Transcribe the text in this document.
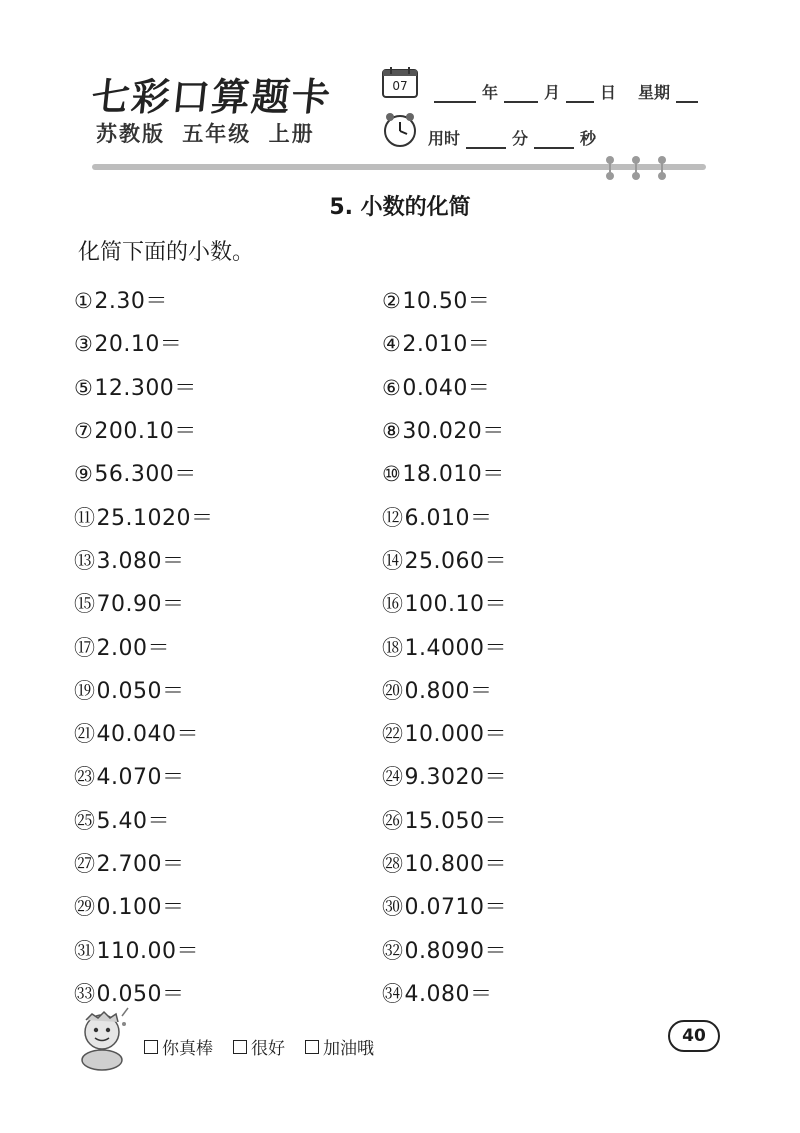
七彩口算题卡
苏教版 五年级 上册
07	年	月	日 星期
用时	分	秒
5. 小数的化简
化简下面的小数。
①2.30＝	②10.50＝
③20.10＝	④2.010＝
⑤12.300＝	⑥0.040＝
⑦200.10＝	⑧30.020＝
⑨56.300＝	⑩18.010＝
⑪25.1020＝	⑫6.010＝
⑬3.080＝	⑭25.060＝
⑮70.90＝	⑯100.10＝
⑰2.00＝	⑱1.4000＝
⑲0.050＝	⑳0.800＝
㉑40.040＝	㉒10.000＝
㉓4.070＝	㉔9.3020＝
㉕5.40＝	㉖15.050＝
㉗2.700＝	㉘10.800＝
㉙0.100＝	㉚0.0710＝
㉛110.00＝	㉜0.8090＝
㉝0.050＝	㉞4.080＝
你真棒 很好 加油哦
40
